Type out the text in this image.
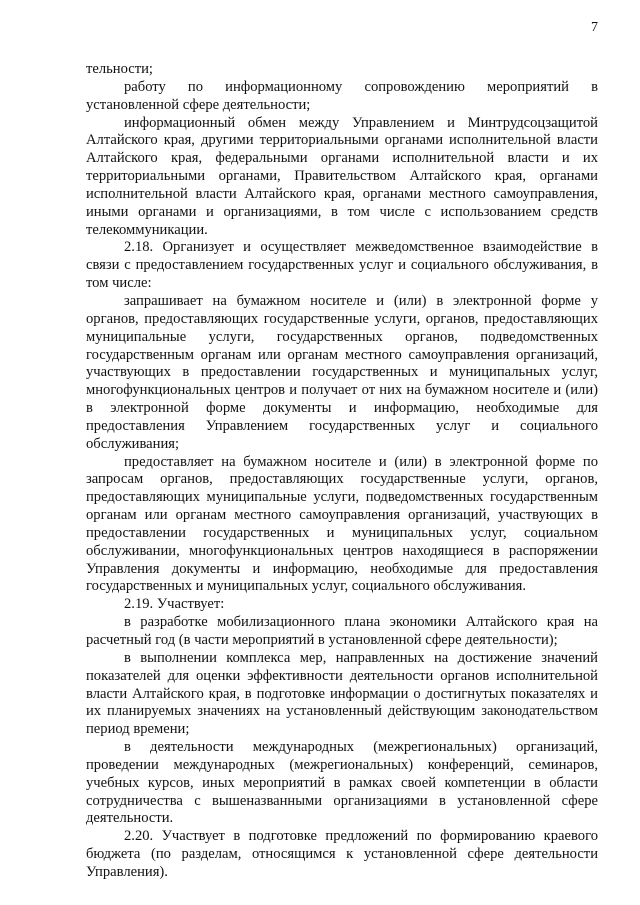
7

тельности;

работу по информационному сопровождению мероприятий в установленной сфере деятельности;

информационный обмен между Управлением и Минтрудсоцзащитой Алтайского края, другими территориальными органами исполнительной власти Алтайского края, федеральными органами исполнительной власти и их территориальными органами, Правительством Алтайского края, органами исполнительной власти Алтайского края, органами местного самоуправления, иными органами и организациями, в том числе с использованием средств телекоммуникации.

2.18. Организует и осуществляет межведомственное взаимодействие в связи с предоставлением государственных услуг и социального обслуживания, в том числе:

запрашивает на бумажном носителе и (или) в электронной форме у органов, предоставляющих государственные услуги, органов, предоставляющих муниципальные услуги, государственных органов, подведомственных государственным органам или органам местного самоуправления организаций, участвующих в предоставлении государственных и муниципальных услуг, многофункциональных центров и получает от них на бумажном носителе и (или) в электронной форме документы и информацию, необходимые для предоставления Управлением государственных услуг и социального обслуживания;

предоставляет на бумажном носителе и (или) в электронной форме по запросам органов, предоставляющих государственные услуги, органов, предоставляющих муниципальные услуги, подведомственных государственным органам или органам местного самоуправления организаций, участвующих в предоставлении государственных и муниципальных услуг, социальном обслуживании, многофункциональных центров находящиеся в распоряжении Управления документы и информацию, необходимые для предоставления государственных и муниципальных услуг, социального обслуживания.

2.19. Участвует:

в разработке мобилизационного плана экономики Алтайского края на расчетный год (в части мероприятий в установленной сфере деятельности);

в выполнении комплекса мер, направленных на достижение значений показателей для оценки эффективности деятельности органов исполнительной власти Алтайского края, в подготовке информации о достигнутых показателях и их планируемых значениях на установленный действующим законодательством период времени;

в деятельности международных (межрегиональных) организаций, проведении международных (межрегиональных) конференций, семинаров, учебных курсов, иных мероприятий в рамках своей компетенции в области сотрудничества с вышеназванными организациями в установленной сфере деятельности.

2.20. Участвует в подготовке предложений по формированию краевого бюджета (по разделам, относящимся к установленной сфере деятельности Управления).
